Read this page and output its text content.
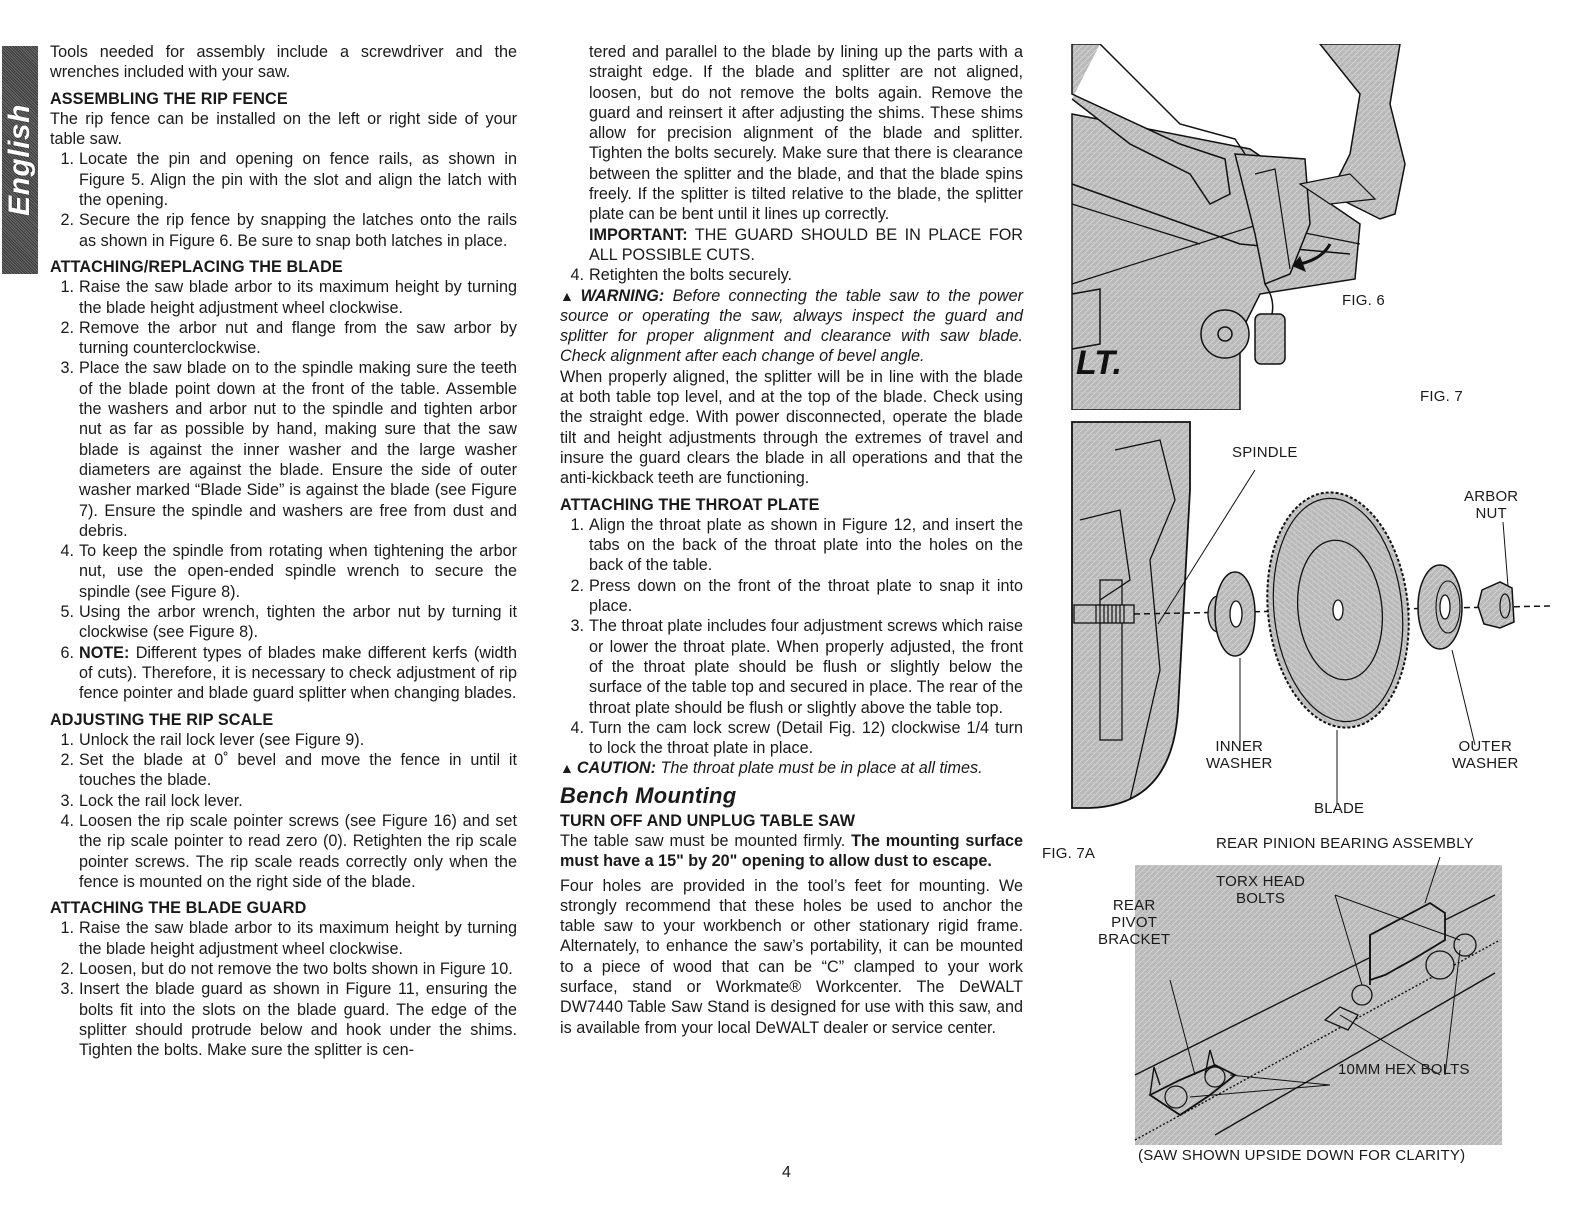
English

Tools needed for assembly include a screwdriver and the wrenches included with your saw.

ASSEMBLING THE RIP FENCE

The rip fence can be installed on the left or right side of your table saw.

1. Locate the pin and opening on fence rails, as shown in Figure 5. Align the pin with the slot and align the latch with the opening.
2. Secure the rip fence by snapping the latches onto the rails as shown in Figure 6. Be sure to snap both latches in place.
ATTACHING/REPLACING THE BLADE
1. Raise the saw blade arbor to its maximum height by turning the blade height adjustment wheel clockwise.
2. Remove the arbor nut and flange from the saw arbor by turning counterclockwise.
3. Place the saw blade on to the spindle making sure the teeth of the blade point down at the front of the table. Assemble the washers and arbor nut to the spindle and tighten arbor nut as far as possible by hand, making sure that the saw blade is against the inner washer and the large washer diameters are against the blade. Ensure the side of outer washer marked “Blade Side” is against the blade (see Figure 7). Ensure the spindle and washers are free from dust and debris.
4. To keep the spindle from rotating when tightening the arbor nut, use the open-ended spindle wrench to secure the spindle (see Figure 8).
5. Using the arbor wrench, tighten the arbor nut by turning it clockwise (see Figure 8).
6. NOTE: Different types of blades make different kerfs (width of cuts). Therefore, it is necessary to check adjustment of rip fence pointer and blade guard splitter when changing blades.
ADJUSTING THE RIP SCALE
1. Unlock the rail lock lever (see Figure 9).
2. Set the blade at 0˚ bevel and move the fence in until it touches the blade.
3. Lock the rail lock lever.
4. Loosen the rip scale pointer screws (see Figure 16) and set the rip scale pointer to read zero (0). Retighten the rip scale pointer screws. The rip scale reads correctly only when the fence is mounted on the right side of the blade.
ATTACHING THE BLADE GUARD
1. Raise the saw blade arbor to its maximum height by turning the blade height adjustment wheel clockwise.
2. Loosen, but do not remove the two bolts shown in Figure 10.
3. Insert the blade guard as shown in Figure 11, ensuring the bolts fit into the slots on the blade guard. The edge of the splitter should protrude below and hook under the shims. Tighten the bolts. Make sure the splitter is cen-

tered and parallel to the blade by lining up the parts with a straight edge. If the blade and splitter are not aligned, loosen, but do not remove the bolts again. Remove the guard and reinsert it after adjusting the shims. These shims allow for precision alignment of the blade and splitter. Tighten the bolts securely. Make sure that there is clearance between the splitter and the blade, and that the blade spins freely. If the splitter is tilted relative to the blade, the splitter plate can be bent until it lines up correctly.

IMPORTANT: THE GUARD SHOULD BE IN PLACE FOR ALL POSSIBLE CUTS.

4. Retighten the bolts securely.

▲ WARNING: Before connecting the table saw to the power source or operating the saw, always inspect the guard and splitter for proper alignment and clearance with saw blade. Check alignment after each change of bevel angle.

When properly aligned, the splitter will be in line with the blade at both table top level, and at the top of the blade. Check using the straight edge. With power disconnected, operate the blade tilt and height adjustments through the extremes of travel and insure the guard clears the blade in all operations and that the anti-kickback teeth are functioning.

ATTACHING THE THROAT PLATE
1. Align the throat plate as shown in Figure 12, and insert the tabs on the back of the throat plate into the holes on the back of the table.
2. Press down on the front of the throat plate to snap it into place.
3. The throat plate includes four adjustment screws which raise or lower the throat plate. When properly adjusted, the front of the throat plate should be flush or slightly below the surface of the table top and secured in place. The rear of the throat plate should be flush or slightly above the table top.
4. Turn the cam lock screw (Detail Fig. 12) clockwise 1/4 turn to lock the throat plate in place.

▲ CAUTION: The throat plate must be in place at all times.

Bench Mounting
TURN OFF AND UNPLUG TABLE SAW

The table saw must be mounted firmly. The mounting surface must have a 15" by 20" opening to allow dust to escape.

Four holes are provided in the tool’s feet for mounting. We strongly recommend that these holes be used to anchor the table saw to your workbench or other stationary rigid frame. Alternately, to enhance the saw’s portability, it can be mounted to a piece of wood that can be “C” clamped to your work surface, stand or Workmate® Workcenter. The DeWALT DW7440 Table Saw Stand is designed for use with this saw, and is available from your local DeWALT dealer or service center.

LT.
FIG. 6
FIG. 7
SPINDLE
ARBOR
NUT
INNER
WASHER
OUTER
WASHER
BLADE
FIG. 7A
REAR PINION BEARING ASSEMBLY
TORX HEAD
BOLTS
REAR
PIVOT
BRACKET
10MM HEX BOLTS
(SAW SHOWN UPSIDE DOWN FOR CLARITY)
4
